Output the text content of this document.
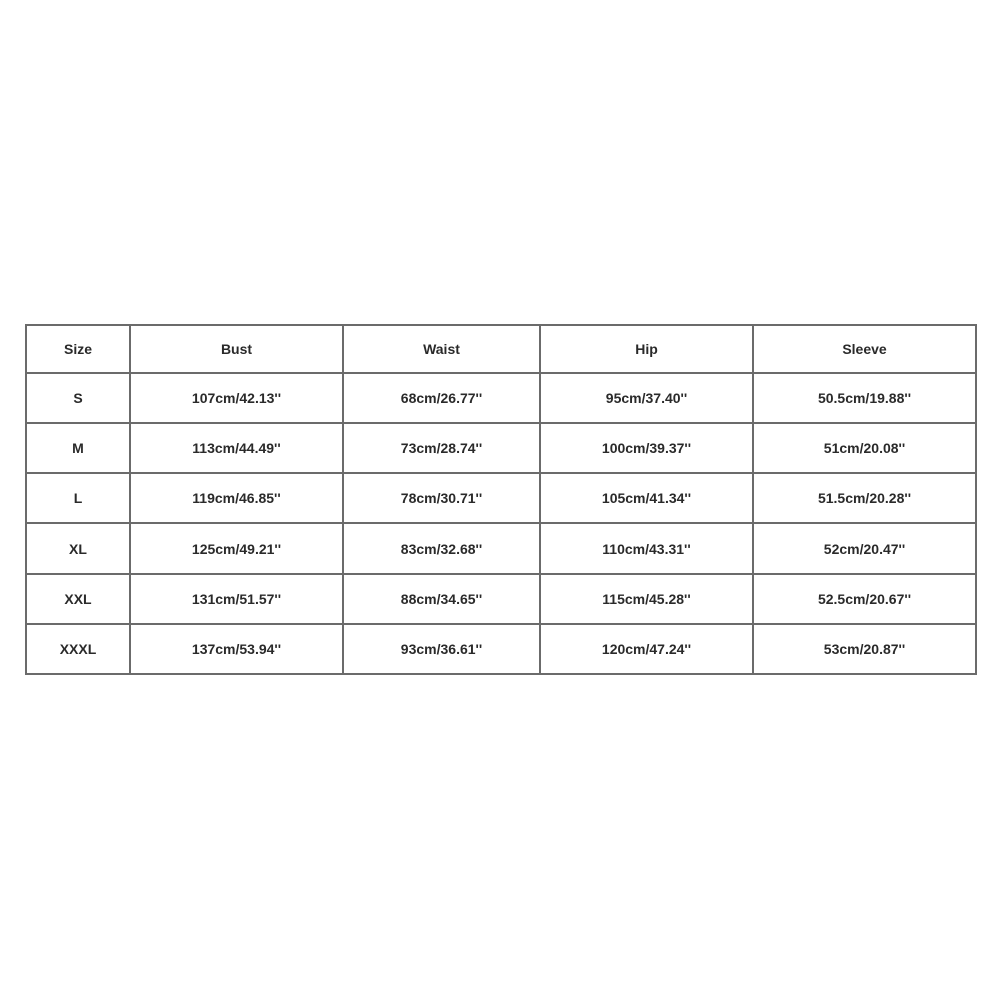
Size	Bust	Waist	Hip	Sleeve
S	107cm/42.13''	68cm/26.77''	95cm/37.40''	50.5cm/19.88''
M	113cm/44.49''	73cm/28.74''	100cm/39.37''	51cm/20.08''
L	119cm/46.85''	78cm/30.71''	105cm/41.34''	51.5cm/20.28''
XL	125cm/49.21''	83cm/32.68''	110cm/43.31''	52cm/20.47''
XXL	131cm/51.57''	88cm/34.65''	115cm/45.28''	52.5cm/20.67''
XXXL	137cm/53.94''	93cm/36.61''	120cm/47.24''	53cm/20.87''
